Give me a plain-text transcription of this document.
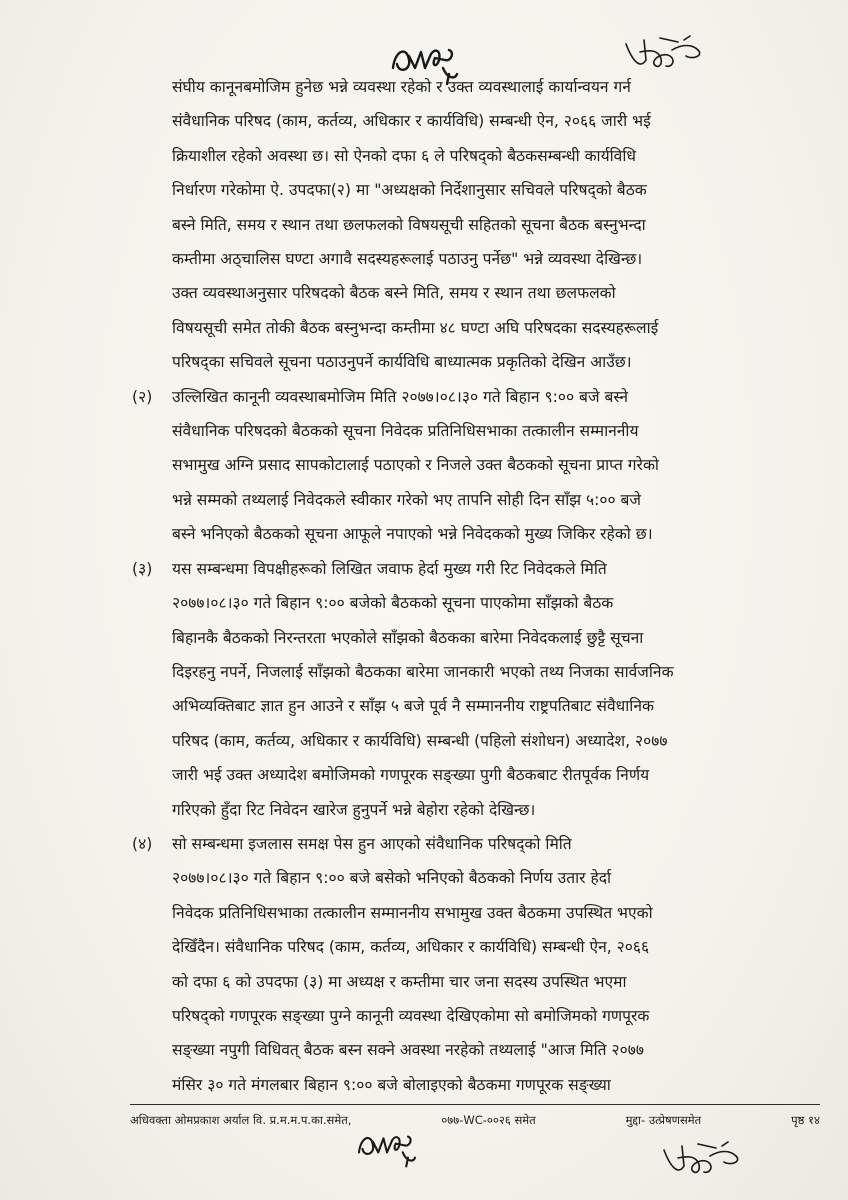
संघीय कानूनबमोजिम हुनेछ भन्ने व्यवस्था रहेको र उक्त व्यवस्थालाई कार्यान्वयन गर्न
संवैधानिक परिषद (काम, कर्तव्य, अधिकार र कार्यविधि) सम्बन्धी ऐन, २०६६ जारी भई
क्रियाशील रहेको अवस्था छ। सो ऐनको दफा ६ ले परिषद्को बैठकसम्बन्धी कार्यविधि
निर्धारण गरेकोमा ऐ. उपदफा(२) मा "अध्यक्षको निर्देशानुसार सचिवले परिषद्को बैठक
बस्ने मिति, समय र स्थान तथा छलफलको विषयसूची सहितको सूचना बैठक बस्नुभन्दा
कम्तीमा अठ्चालिस घण्टा अगावै सदस्यहरूलाई पठाउनु पर्नेछ" भन्ने व्यवस्था देखिन्छ।
उक्त व्यवस्थाअनुसार परिषदको बैठक बस्ने मिति, समय र स्थान तथा छलफलको
विषयसूची समेत तोकी बैठक बस्नुभन्दा कम्तीमा ४८ घण्टा अघि परिषदका सदस्यहरूलाई
परिषद्का सचिवले सूचना पठाउनुपर्ने कार्यविधि बाध्यात्मक प्रकृतिको देखिन आउँछ।
(२) उल्लिखित कानूनी व्यवस्थाबमोजिम मिति २०७७।०८।३० गते बिहान ९:०० बजे बस्ने
संवैधानिक परिषदको बैठकको सूचना निवेदक प्रतिनिधिसभाका तत्कालीन सम्माननीय
सभामुख अग्नि प्रसाद सापकोटालाई पठाएको र निजले उक्त बैठकको सूचना प्राप्त गरेको
भन्ने सम्मको तथ्यलाई निवेदकले स्वीकार गरेको भए तापनि सोही दिन साँझ ५:०० बजे
बस्ने भनिएको बैठकको सूचना आफूले नपाएको भन्ने निवेदकको मुख्य जिकिर रहेको छ।
(३) यस सम्बन्धमा विपक्षीहरूको लिखित जवाफ हेर्दा मुख्य गरी रिट निवेदकले मिति
२०७७।०८।३० गते बिहान ९:०० बजेको बैठकको सूचना पाएकोमा साँझको बैठक
बिहानकै बैठकको निरन्तरता भएकोले साँझको बैठकका बारेमा निवेदकलाई छुट्टै सूचना
दिइरहनु नपर्ने, निजलाई साँझको बैठकका बारेमा जानकारी भएको तथ्य निजका सार्वजनिक
अभिव्यक्तिबाट ज्ञात हुन आउने र साँझ ५ बजे पूर्व नै सम्माननीय राष्ट्रपतिबाट संवैधानिक
परिषद (काम, कर्तव्य, अधिकार र कार्यविधि) सम्बन्धी (पहिलो संशोधन) अध्यादेश, २०७७
जारी भई उक्त अध्यादेश बमोजिमको गणपूरक सङ्ख्या पुगी बैठकबाट रीतपूर्वक निर्णय
गरिएको हुँदा रिट निवेदन खारेज हुनुपर्ने भन्ने बेहोरा रहेको देखिन्छ।
(४) सो सम्बन्धमा इजलास समक्ष पेस हुन आएको संवैधानिक परिषद्को मिति
२०७७।०८।३० गते बिहान ९:०० बजे बसेको भनिएको बैठकको निर्णय उतार हेर्दा
निवेदक प्रतिनिधिसभाका तत्कालीन सम्माननीय सभामुख उक्त बैठकमा उपस्थित भएको
देखिँदैन। संवैधानिक परिषद (काम, कर्तव्य, अधिकार र कार्यविधि) सम्बन्धी ऐन, २०६६
को दफा ६ को उपदफा (३) मा अध्यक्ष र कम्तीमा चार जना सदस्य उपस्थित भएमा
परिषद्को गणपूरक सङ्ख्या पुग्ने कानूनी व्यवस्था देखिएकोमा सो बमोजिमको गणपूरक
सङ्ख्या नपुगी विधिवत् बैठक बस्न सक्ने अवस्था नरहेको तथ्यलाई "आज मिति २०७७
मंसिर ३० गते मंगलबार बिहान ९:०० बजे बोलाइएको बैठकमा गणपूरक सङ्ख्या
अधिवक्ता ओमप्रकाश अर्याल वि. प्र.म.म.प.का.समेत,	०७७-WC-००२६ समेत	मुद्दा- उत्प्रेषणसमेत	पृष्ठ १४
